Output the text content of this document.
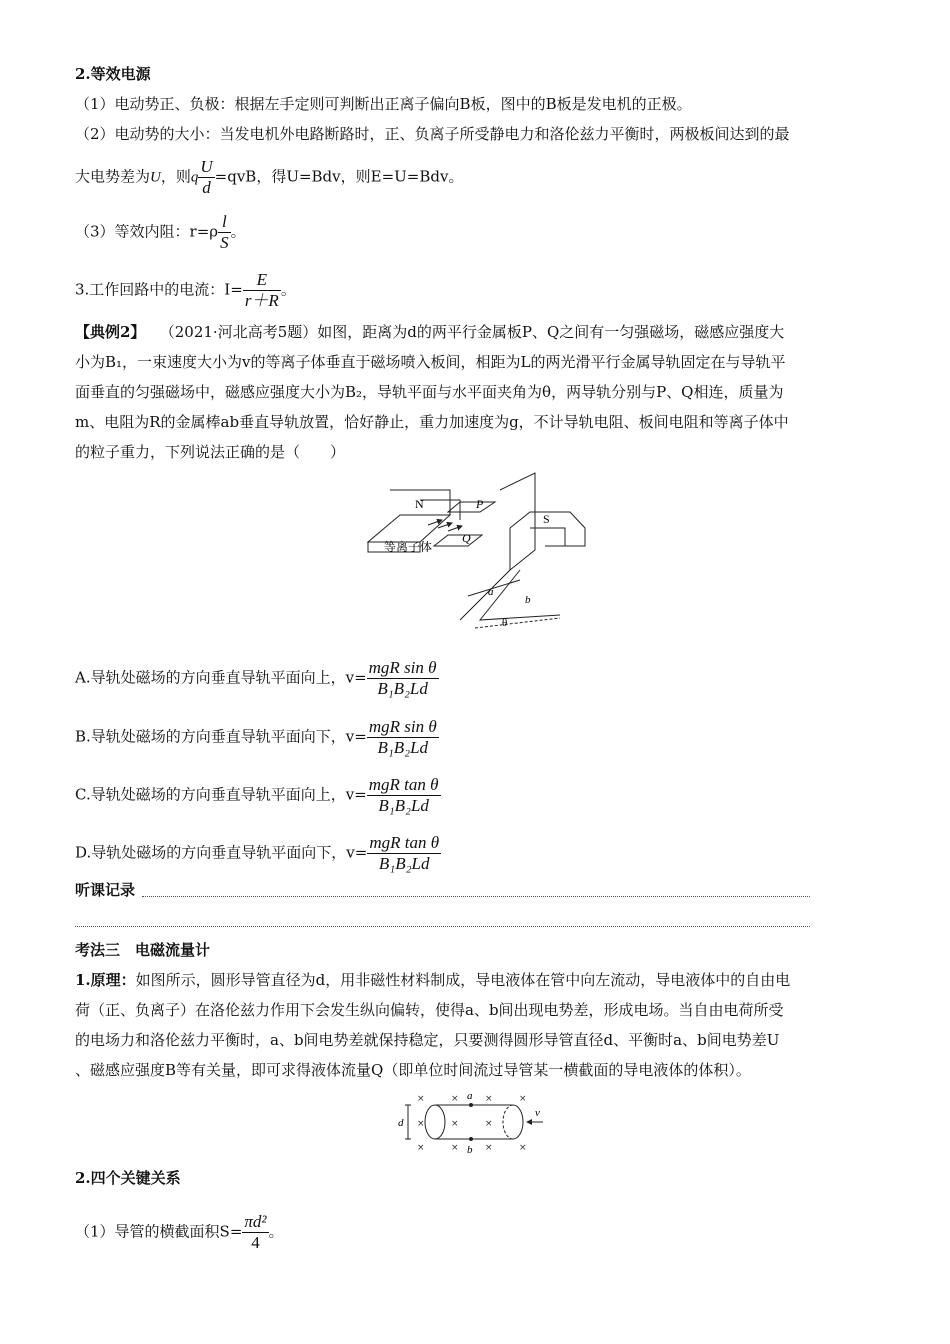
2.等效电源
（1）电动势正、负极：根据左手定则可判断出正离子偏向B板，图中的B板是发电机的正极。
（2）电动势的大小：当发电机外电路断路时，正、负离子所受静电力和洛伦兹力平衡时，两极板间达到的最
大电势差为U，则q $\frac{U}{d} =qvB$，得U=Bdv，则E=U=Bdv。
（3）等效内阻：$r=\rho \frac{l}{S}$ 。
3.工作回路中的电流：$I= \frac{E}{r+R}$ 。
【典例2】 （2021·河北高考5题）如图，距离为d的两平行金属板P、Q之间有一匀强磁场，磁感应强度大
小为B₁，一束速度大小为v的等离子体垂直于磁场喷入板间，相距为L的两光滑平行金属导轨固定在与导轨平
面垂直的匀强磁场中，磁感应强度大小为B₂，导轨平面与水平面夹角为θ，两导轨分别与P、Q相连，质量为
m、电阻为R的金属棒ab垂直导轨放置，恰好静止，重力加速度为g，不计导轨电阻、板间电阻和等离子体中
的粒子重力，下列说法正确的是（　　）
N	P
Q
S
等离子体
a
b
θ
A.导轨处磁场的方向垂直导轨平面向上，$v= \frac{\text{mgR sin θ}}{\text{B₁B₂Ld}}$
B.导轨处磁场的方向垂直导轨平面向下，$v= \frac{\text{mgR sin θ}}{\text{B₁B₂Ld}}$
C.导轨处磁场的方向垂直导轨平面向上，$v= \frac{\text{mgR tan θ}}{\text{B₁B₂Ld}}$
D.导轨处磁场的方向垂直导轨平面向下，$v= \frac{\text{mgR tan θ}}{\text{B₁B₂Ld}}$
听课记录
考法三　电磁流量计
1.原理：如图所示，圆形导管直径为d，用非磁性材料制成，导电液体在管中向左流动，导电液体中的自由电
荷（正、负离子）在洛伦兹力作用下会发生纵向偏转，使得a、b间出现电势差，形成电场。当自由电荷所受
的电场力和洛伦兹力平衡时，a、b间电势差就保持稳定，只要测得圆形导管直径d、平衡时a、b间电势差U
、磁感应强度B等有关量，即可求得液体流量Q（即单位时间流过导管某一横截面的导电液体的体积）。
a
b
d
v
×	×	×	×
×	×	×
×	×	×	×
2.四个关键关系
（1）导管的横截面积$S= \frac{\text{πd²}}{4}$ 。
